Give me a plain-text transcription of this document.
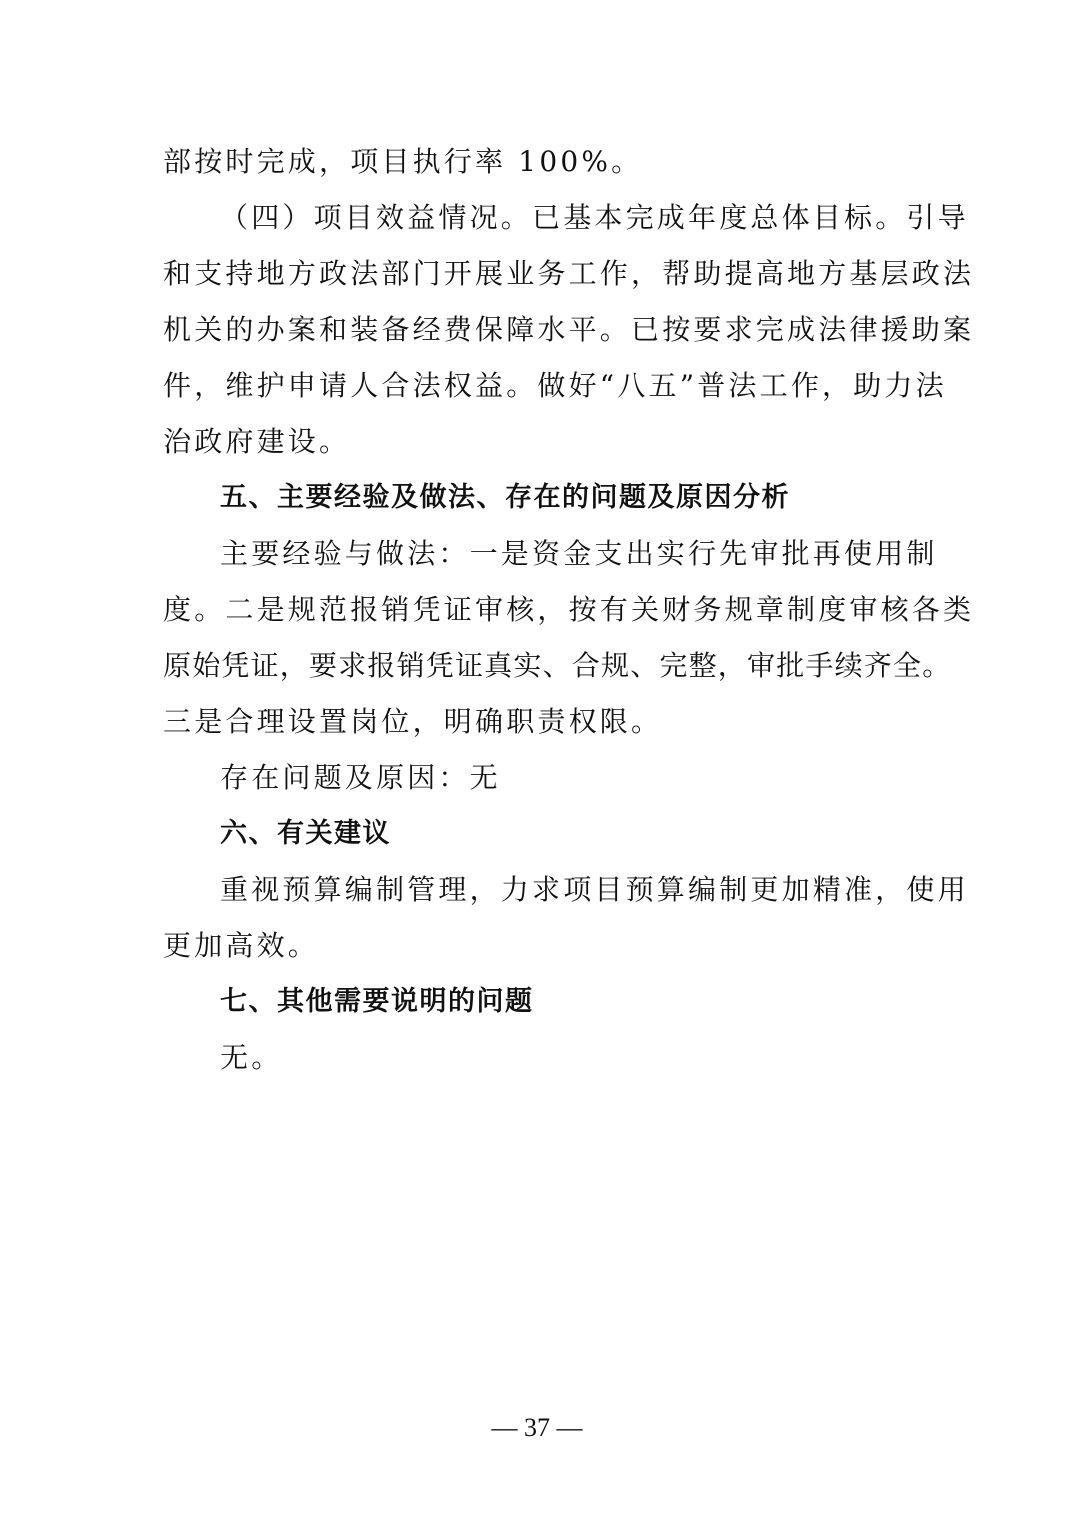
部按时完成，项目执行率 100%。
（四）项目效益情况。已基本完成年度总体目标。引导
和支持地方政法部门开展业务工作，帮助提高地方基层政法
机关的办案和装备经费保障水平。已按要求完成法律援助案
件，维护申请人合法权益。做好“八五”普法工作，助力法
治政府建设。
五、主要经验及做法、存在的问题及原因分析
主要经验与做法：一是资金支出实行先审批再使用制
度。二是规范报销凭证审核，按有关财务规章制度审核各类
原始凭证，要求报销凭证真实、合规、完整，审批手续齐全。
三是合理设置岗位，明确职责权限。
存在问题及原因：无
六、有关建议
重视预算编制管理，力求项目预算编制更加精准，使用
更加高效。
七、其他需要说明的问题
无。
— 37 —
